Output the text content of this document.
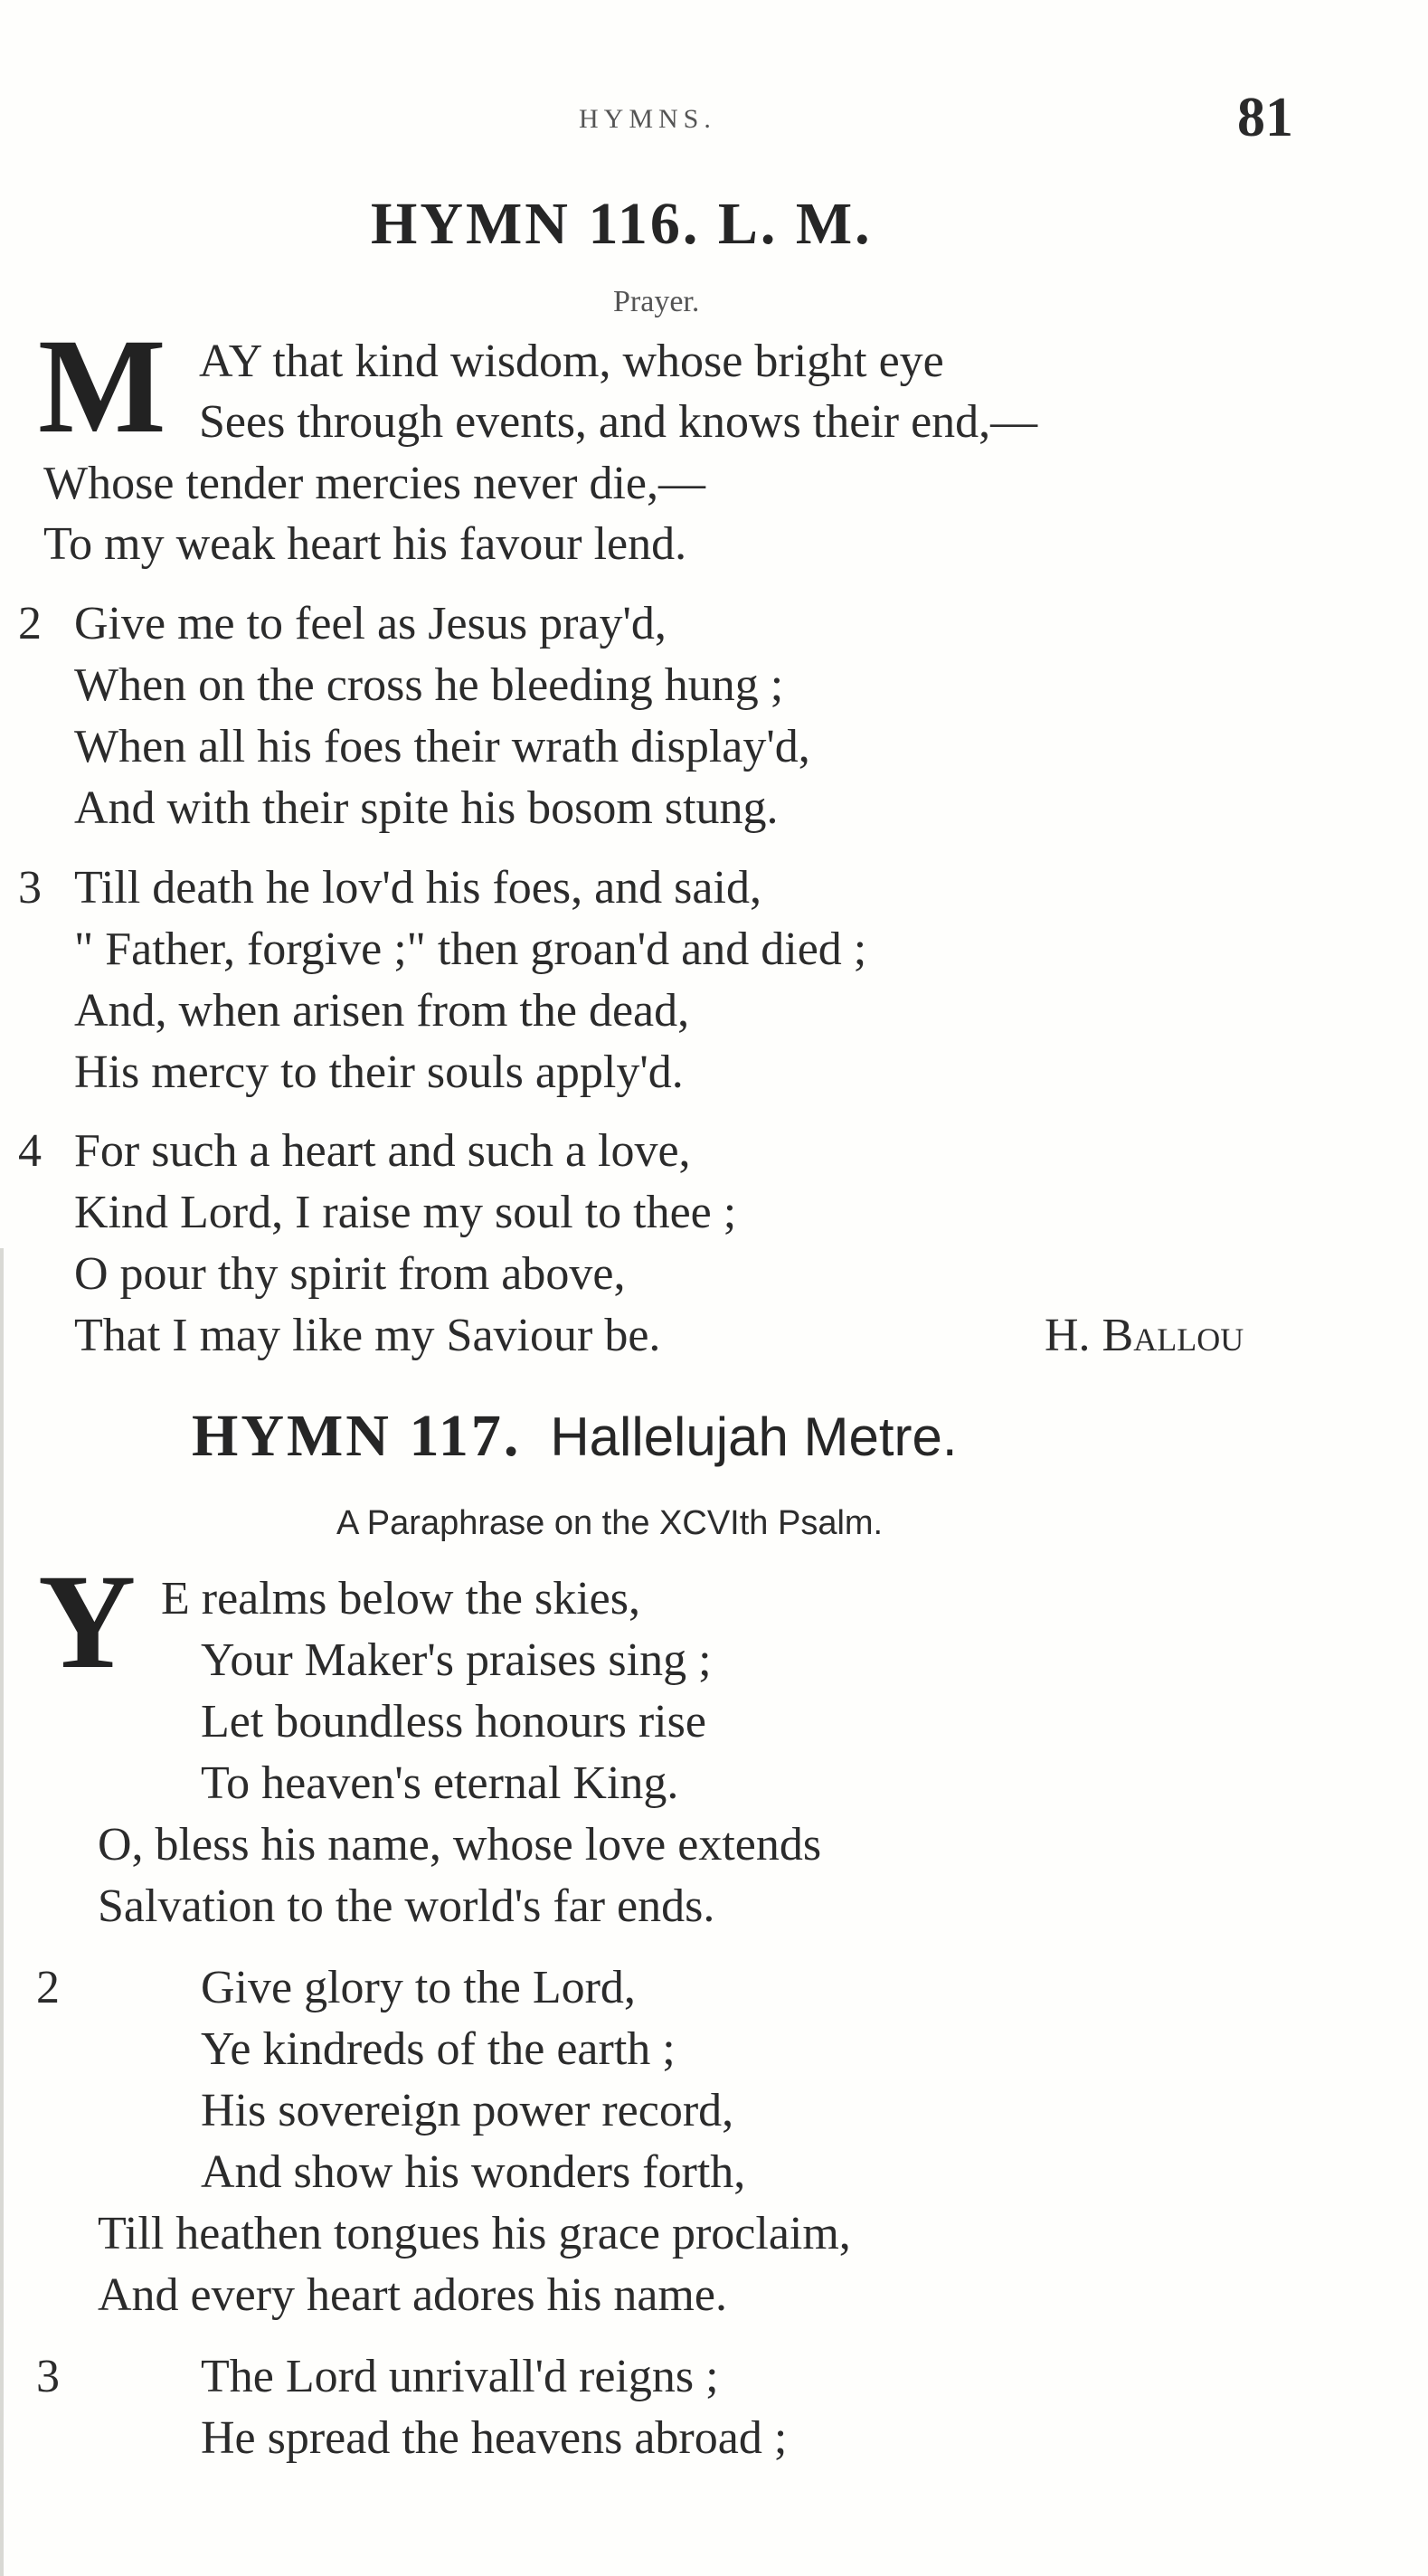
HYMNS.	81
HYMN 116. L. M.
Prayer.
M AY that kind wisdom, whose bright eye
Sees through events, and knows their end,—
Whose tender mercies never die,—
To my weak heart his favour lend.
2 Give me to feel as Jesus pray'd,
When on the cross he bleeding hung ;
When all his foes their wrath display'd,
And with their spite his bosom stung.
3 Till death he lov'd his foes, and said,
" Father, forgive ;" then groan'd and died ;
And, when arisen from the dead,
His mercy to their souls apply'd.
4 For such a heart and such a love,
Kind Lord, I raise my soul to thee ;
O pour thy spirit from above,
That I may like my Saviour be.	H. Ballou
HYMN 117. Hallelujah Metre.
A Paraphrase on the XCVIth Psalm.
Y E realms below the skies,
Your Maker's praises sing ;
Let boundless honours rise
To heaven's eternal King.
O, bless his name, whose love extends
Salvation to the world's far ends.
2	Give glory to the Lord,
Ye kindreds of the earth ;
His sovereign power record,
And show his wonders forth,
Till heathen tongues his grace proclaim,
And every heart adores his name.
3	The Lord unrivall'd reigns ;
He spread the heavens abroad ;
